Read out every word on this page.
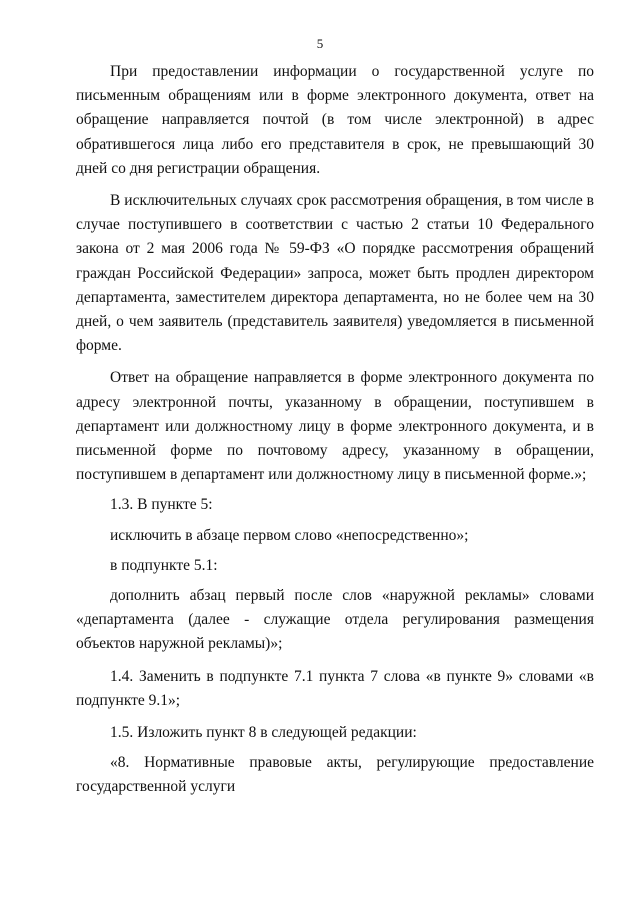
5

При предоставлении информации о государственной услуге по письменным обращениям или в форме электронного документа, ответ на обращение направляется почтой (в том числе электронной) в адрес обратившегося лица либо его представителя в срок, не превышающий 30 дней со дня регистрации обращения.

В исключительных случаях срок рассмотрения обращения, в том числе в случае поступившего в соответствии с частью 2 статьи 10 Федерального закона от 2 мая 2006 года № 59-ФЗ «О порядке рассмотрения обращений граждан Российской Федерации» запроса, может быть продлен директором департамента, заместителем директора департамента, но не более чем на 30 дней, о чем заявитель (представитель заявителя) уведомляется в письменной форме.

Ответ на обращение направляется в форме электронного документа по адресу электронной почты, указанному в обращении, поступившем в департамент или должностному лицу в форме электронного документа, и в письменной форме по почтовому адресу, указанному в обращении, поступившем в департамент или должностному лицу в письменной форме.»;

1.3. В пункте 5:

исключить в абзаце первом слово «непосредственно»;

в подпункте 5.1:

дополнить абзац первый после слов «наружной рекламы» словами «департамента (далее - служащие отдела регулирования размещения объектов наружной рекламы)»;

1.4. Заменить в подпункте 7.1 пункта 7 слова «в пункте 9» словами «в подпункте 9.1»;

1.5. Изложить пункт 8 в следующей редакции:

«8. Нормативные правовые акты, регулирующие предоставление государственной услуги
